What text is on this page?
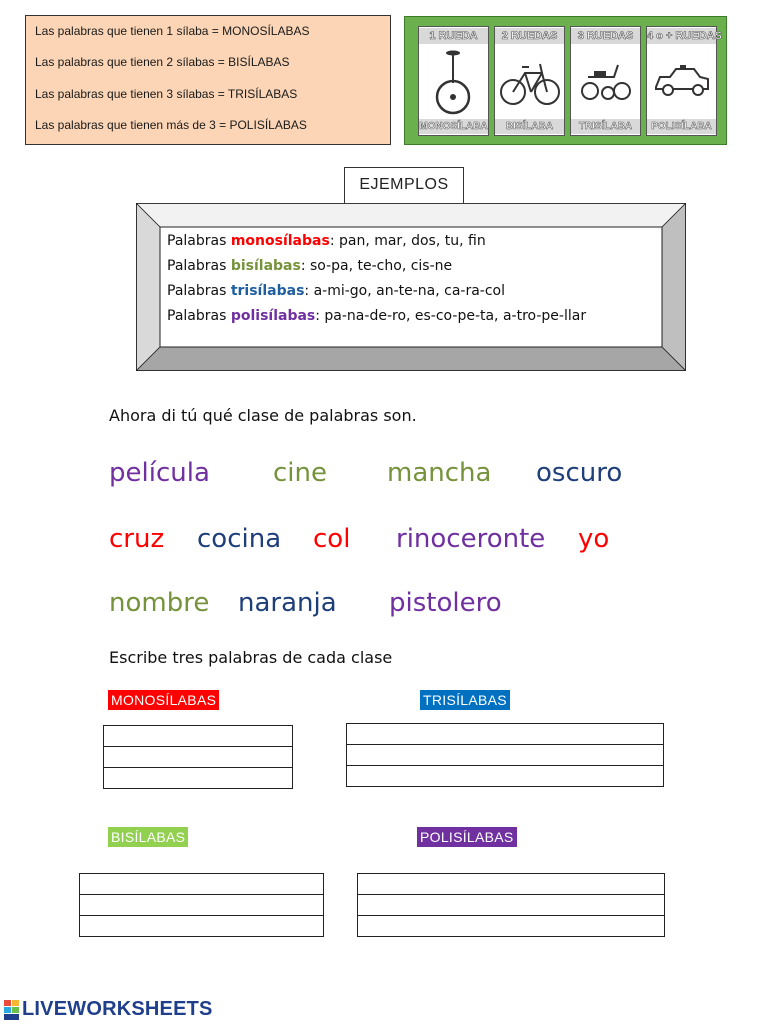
Las palabras que tienen 1 sílaba = MONOSÍLABAS
Las palabras que tienen 2 sílabas = BISÍLABAS
Las palabras que tienen 3 sílabas = TRISÍLABAS
Las palabras que tienen más de 3 = POLISÍLABAS
1 RUEDA
MONOSÍLABA
2 RUEDAS
BISÍLABA
3 RUEDAS
TRISÍLABA
4 o + RUEDAS
POLISÍLABA
EJEMPLOS
Palabras monosílabas: pan, mar, dos, tu, fin
Palabras bisílabas: so-pa, te-cho, cis-ne
Palabras trisílabas: a-mi-go, an-te-na, ca-ra-col
Palabras polisílabas: pa-na-de-ro, es-co-pe-ta, a-tro-pe-llar
Ahora di tú qué clase de palabras son.
película cine mancha oscuro
cruz cocina col rinoceronte yo
nombre naranja pistolero
Escribe tres palabras de cada clase
MONOSÍLABAS	TRISÍLABAS
BISÍLABAS	POLISÍLABAS
LIVEWORKSHEETS
